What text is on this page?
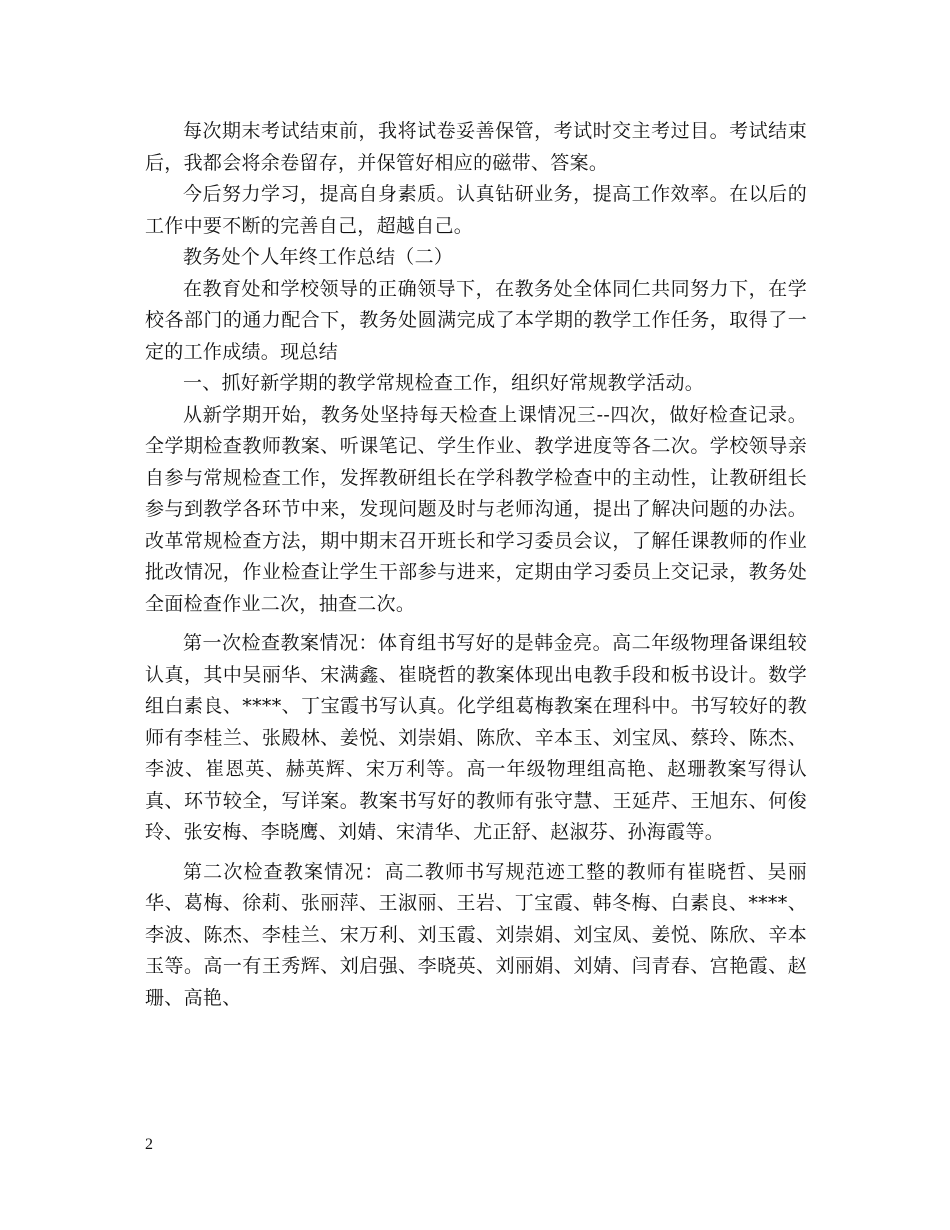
每次期末考试结束前，我将试卷妥善保管，考试时交主考过目。考试结束后，我都会将余卷留存，并保管好相应的磁带、答案。

今后努力学习，提高自身素质。认真钻研业务，提高工作效率。在以后的工作中要不断的完善自己，超越自己。

教务处个人年终工作总结（二）

在教育处和学校领导的正确领导下，在教务处全体同仁共同努力下，在学校各部门的通力配合下，教务处圆满完成了本学期的教学工作任务，取得了一定的工作成绩。现总结

一、抓好新学期的教学常规检查工作，组织好常规教学活动。

从新学期开始，教务处坚持每天检查上课情况三--四次，做好检查记录。全学期检查教师教案、听课笔记、学生作业、教学进度等各二次。学校领导亲自参与常规检查工作，发挥教研组长在学科教学检查中的主动性，让教研组长参与到教学各环节中来，发现问题及时与老师沟通，提出了解决问题的办法。改革常规检查方法，期中期末召开班长和学习委员会议，了解任课教师的作业批改情况，作业检查让学生干部参与进来，定期由学习委员上交记录，教务处全面检查作业二次，抽查二次。

第一次检查教案情况：体育组书写好的是韩金亮。高二年级物理备课组较认真，其中吴丽华、宋满鑫、崔晓哲的教案体现出电教手段和板书设计。数学组白素良、****、丁宝霞书写认真。化学组葛梅教案在理科中。书写较好的教师有李桂兰、张殿林、姜悦、刘崇娟、陈欣、辛本玉、刘宝凤、蔡玲、陈杰、李波、崔恩英、赫英辉、宋万利等。高一年级物理组高艳、赵珊教案写得认真、环节较全，写详案。教案书写好的教师有张守慧、王延芹、王旭东、何俊玲、张安梅、李晓鹰、刘婧、宋清华、尤正舒、赵淑芬、孙海霞等。

第二次检查教案情况：高二教师书写规范迹工整的教师有崔晓哲、吴丽华、葛梅、徐莉、张丽萍、王淑丽、王岩、丁宝霞、韩冬梅、白素良、****、李波、陈杰、李桂兰、宋万利、刘玉霞、刘崇娟、刘宝凤、姜悦、陈欣、辛本玉等。高一有王秀辉、刘启强、李晓英、刘丽娟、刘婧、闫青春、宫艳霞、赵珊、高艳、

2
